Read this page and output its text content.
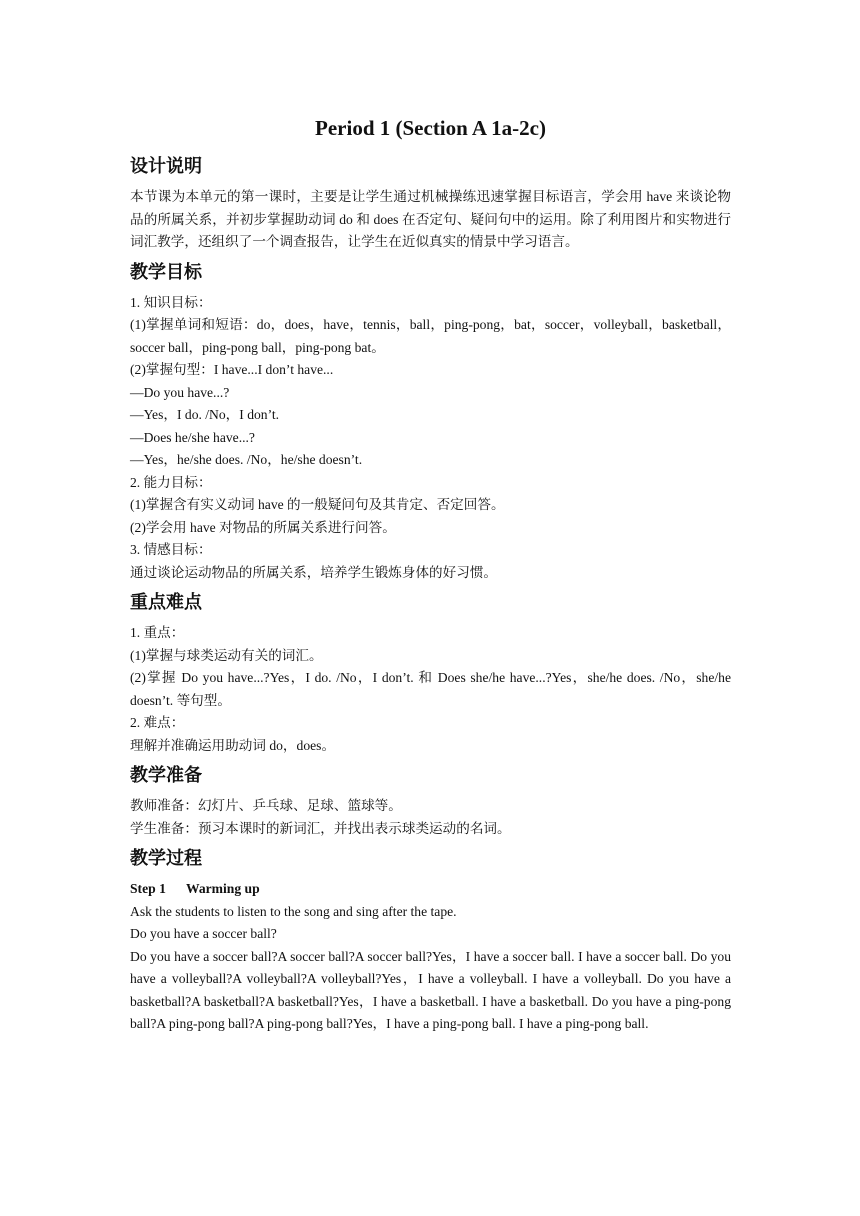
Period 1 (Section A 1a-2c)
设计说明

本节课为本单元的第一课时，主要是让学生通过机械操练迅速掌握目标语言，学会用 have 来谈论物品的所属关系，并初步掌握助动词 do 和 does 在否定句、疑问句中的运用。除了利用图片和实物进行词汇教学，还组织了一个调查报告，让学生在近似真实的情景中学习语言。

教学目标

1. 知识目标：

(1)掌握单词和短语：do，does，have，tennis，ball，ping-pong，bat，soccer，volleyball，basketball，soccer ball，ping-pong ball，ping-pong bat。

(2)掌握句型：I have...I don’t have...

—Do you have...?

—Yes，I do. /No，I don’t.

—Does he/she have...?

—Yes，he/she does. /No，he/she doesn’t.

2. 能力目标：

(1)掌握含有实义动词 have 的一般疑问句及其肯定、否定回答。

(2)学会用 have 对物品的所属关系进行问答。

3. 情感目标：

通过谈论运动物品的所属关系，培养学生锻炼身体的好习惯。

重点难点

1. 重点：

(1)掌握与球类运动有关的词汇。

(2)掌握 Do you have...?Yes，I do. /No，I don’t. 和 Does she/he have...?Yes，she/he does. /No，she/he doesn’t. 等句型。

2. 难点：

理解并准确运用助动词 do，does。

教学准备

教师准备：幻灯片、乒乓球、足球、篮球等。

学生准备：预习本课时的新词汇，并找出表示球类运动的名词。

教学过程

Step 1 Warming up

Ask the students to listen to the song and sing after the tape.

Do you have a soccer ball?

Do you have a soccer ball?A soccer ball?A soccer ball?Yes，I have a soccer ball. I have a soccer ball. Do you have a volleyball?A volleyball?A volleyball?Yes，I have a volleyball. I have a volleyball. Do you have a basketball?A basketball?A basketball?Yes，I have a basketball. I have a basketball. Do you have a ping-pong ball?A ping-pong ball?A ping-pong ball?Yes，I have a ping-pong ball. I have a ping-pong ball.
